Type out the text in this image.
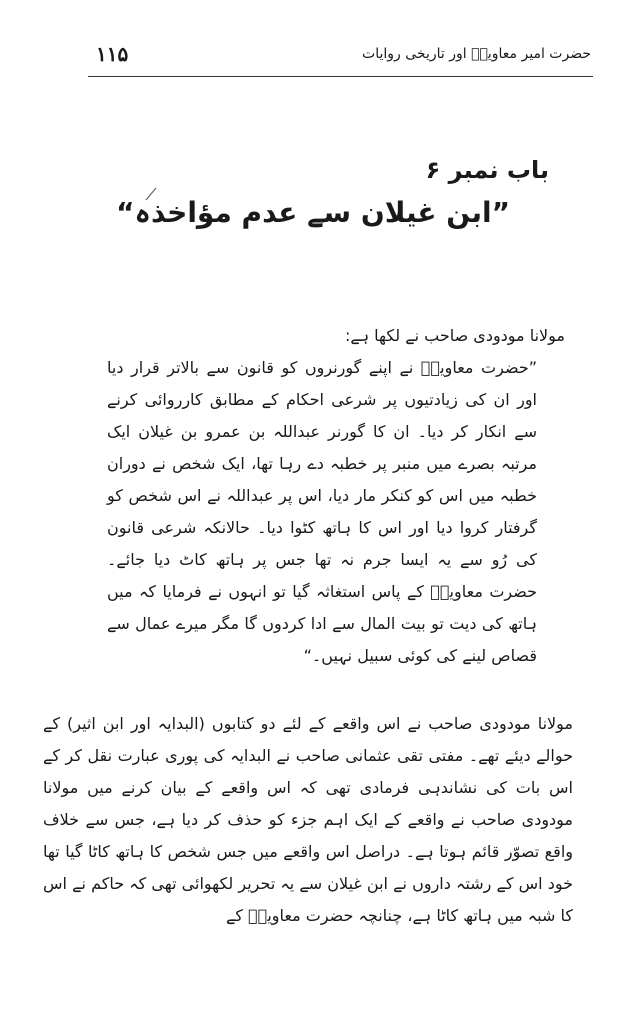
۱۱۵	حضرت امیر معاویہؓ اور تاریخی روایات
باب نمبر ۶
”ابن غیلان سے عدم مؤاخذہ“
مولانا مودودی صاحب نے لکھا ہے:
”حضرت معاویہؓ نے اپنے گورنروں کو قانون سے بالاتر قرار دیا اور ان کی زیادتیوں پر شرعی احکام کے مطابق کارروائی کرنے سے انکار کر دیا۔ ان کا گورنر عبداللہ بن عمرو بن غیلان ایک مرتبہ بصرے میں منبر پر خطبہ دے رہا تھا، ایک شخص نے دوران خطبہ میں اس کو کنکر مار دیا، اس پر عبداللہ نے اس شخص کو گرفتار کروا دیا اور اس کا ہاتھ کٹوا دیا۔ حالانکہ شرعی قانون کی رُو سے یہ ایسا جرم نہ تھا جس پر ہاتھ کاٹ دیا جائے۔ حضرت معاویہؓ کے پاس استغاثہ گیا تو انہوں نے فرمایا کہ میں ہاتھ کی دیت تو بیت المال سے ادا کردوں گا مگر میرے عمال سے قصاص لینے کی کوئی سبیل نہیں۔“
مولانا مودودی صاحب نے اس واقعے کے لئے دو کتابوں (البدایہ اور ابن اثیر) کے حوالے دیئے تھے۔ مفتی تقی عثمانی صاحب نے البدایہ کی پوری عبارت نقل کر کے اس بات کی نشاندہی فرمادی تھی کہ اس واقعے کے بیان کرنے میں مولانا مودودی صاحب نے واقعے کے ایک اہم جزء کو حذف کر دیا ہے، جس سے خلاف واقع تصوّر قائم ہوتا ہے۔ دراصل اس واقعے میں جس شخص کا ہاتھ کاٹا گیا تھا خود اس کے رشتہ داروں نے ابن غیلان سے یہ تحریر لکھوائی تھی کہ حاکم نے اس کا شبہ میں ہاتھ کاٹا ہے، چنانچہ حضرت معاویہؓ کے
